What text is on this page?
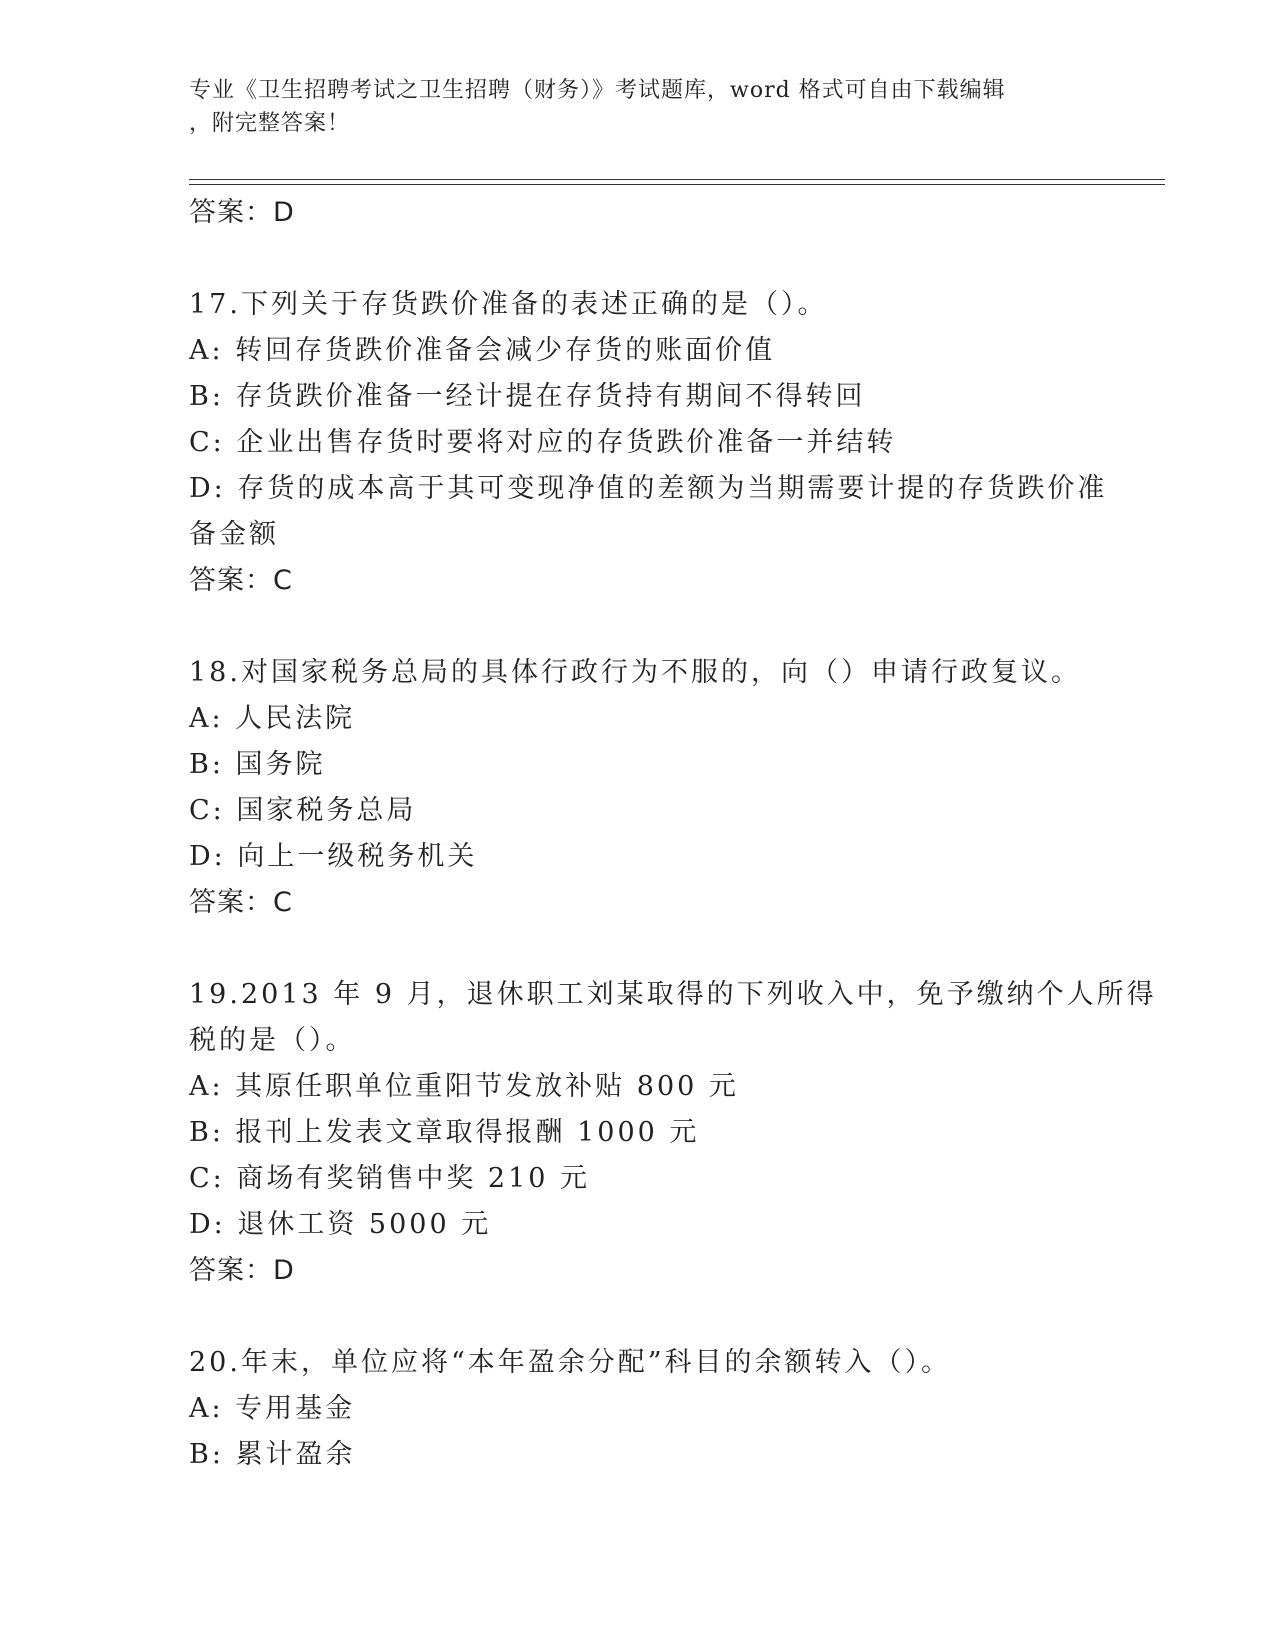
专业《卫生招聘考试之卫生招聘（财务）》考试题库，word 格式可自由下载编辑
，附完整答案！
答案：D
17.下列关于存货跌价准备的表述正确的是（）。
A: 转回存货跌价准备会减少存货的账面价值
B: 存货跌价准备一经计提在存货持有期间不得转回
C: 企业出售存货时要将对应的存货跌价准备一并结转
D: 存货的成本高于其可变现净值的差额为当期需要计提的存货跌价准
备金额
答案：C
18.对国家税务总局的具体行政行为不服的，向（）申请行政复议。
A: 人民法院
B: 国务院
C: 国家税务总局
D: 向上一级税务机关
答案：C
19.2013 年 9 月，退休职工刘某取得的下列收入中，免予缴纳个人所得
税的是（）。
A: 其原任职单位重阳节发放补贴 800 元
B: 报刊上发表文章取得报酬 1000 元
C: 商场有奖销售中奖 210 元
D: 退休工资 5000 元
答案：D
20.年末，单位应将“本年盈余分配”科目的余额转入（）。
A: 专用基金
B: 累计盈余
